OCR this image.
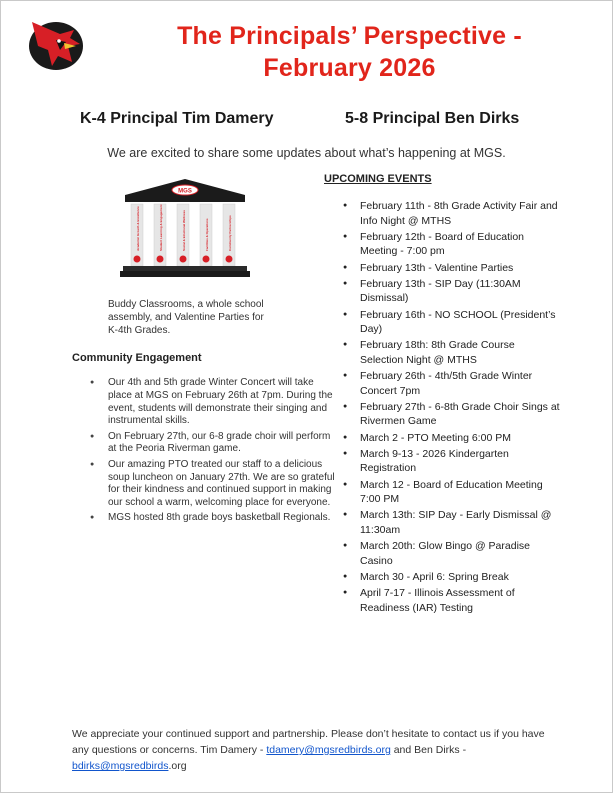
The Principals’ Perspective -
February 2026
K-4 Principal Tim Damery	5-8 Principal Ben Dirks
We are excited to share some updates about what’s happening at MGS.
MGS
Academic Growth & Excellence	Student Learning & Engagement	Social & Emotional Wellness	Facilities & Operations	Community Partnerships
Buddy Classrooms, a whole school assembly, and Valentine Parties for K-4th Grades.
Community Engagement
● Our 4th and 5th grade Winter Concert will take place at MGS on February 26th at 7pm. During the event, students will demonstrate their singing and instrumental skills.
● On February 27th, our 6-8 grade choir will perform at the Peoria Riverman game.
● Our amazing PTO treated our staff to a delicious soup luncheon on January 27th. We are so grateful for their kindness and continued support in making our school a warm, welcoming place for everyone.
● MGS hosted 8th grade boys basketball Regionals.
UPCOMING EVENTS
● February 11th - 8th Grade Activity Fair and Info Night @ MTHS
● February 12th - Board of Education Meeting - 7:00 pm
● February 13th - Valentine Parties
● February 13th - SIP Day (11:30AM Dismissal)
● February 16th - NO SCHOOL (President’s Day)
● February 18th: 8th Grade Course Selection Night @ MTHS
● February 26th - 4th/5th Grade Winter Concert 7pm
● February 27th - 6-8th Grade Choir Sings at Rivermen Game
● March 2 - PTO Meeting 6:00 PM
● March 9-13 - 2026 Kindergarten Registration
● March 12 - Board of Education Meeting 7:00 PM
● March 13th: SIP Day - Early Dismissal @ 11:30am
● March 20th: Glow Bingo @ Paradise Casino
● March 30 - April 6: Spring Break
● April 7-17 - Illinois Assessment of Readiness (IAR) Testing
We appreciate your continued support and partnership. Please don’t hesitate to contact us if you have any questions or concerns. Tim Damery - tdamery@mgsredbirds.org and Ben Dirks - bdirks@mgsredbirds.org
